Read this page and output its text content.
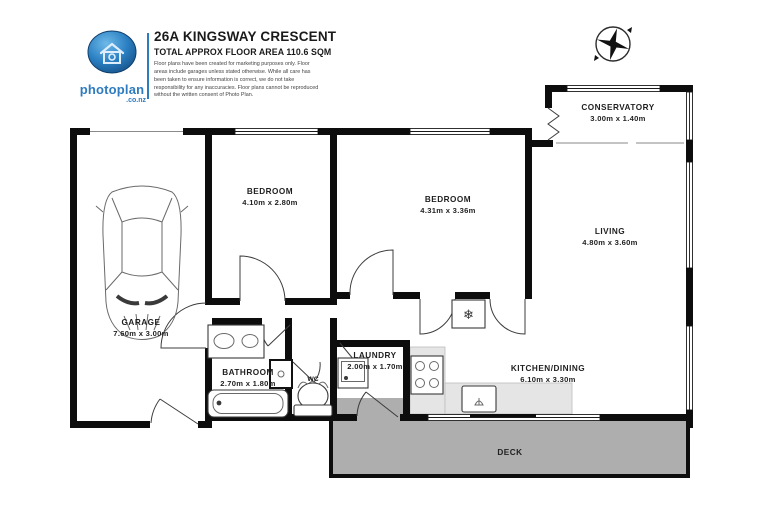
photoplan
.co.nz
26A KINGSWAY CRESCENT
TOTAL APPROX FLOOR AREA 110.6 SQM

Floor plans have been created for marketing purposes only. Floor areas include garages unless stated otherwise. While all care has been taken to ensure information is correct, we do not take responsibility for any inaccuracies. Floor plans cannot be reproduced without the written consent of Photo Plan.

DECK
❄
GARAGE
7.60m x 3.00m
BEDROOM
4.10m x 2.80m	BEDROOM
4.31m x 3.36m
LIVING
4.80m x 3.60m
CONSERVATORY
3.00m x 1.40m
BATHROOM
2.70m x 1.80m
LAUNDRY
2.00m x 1.70m	KITCHEN/DINING
6.10m x 3.30m
WC
